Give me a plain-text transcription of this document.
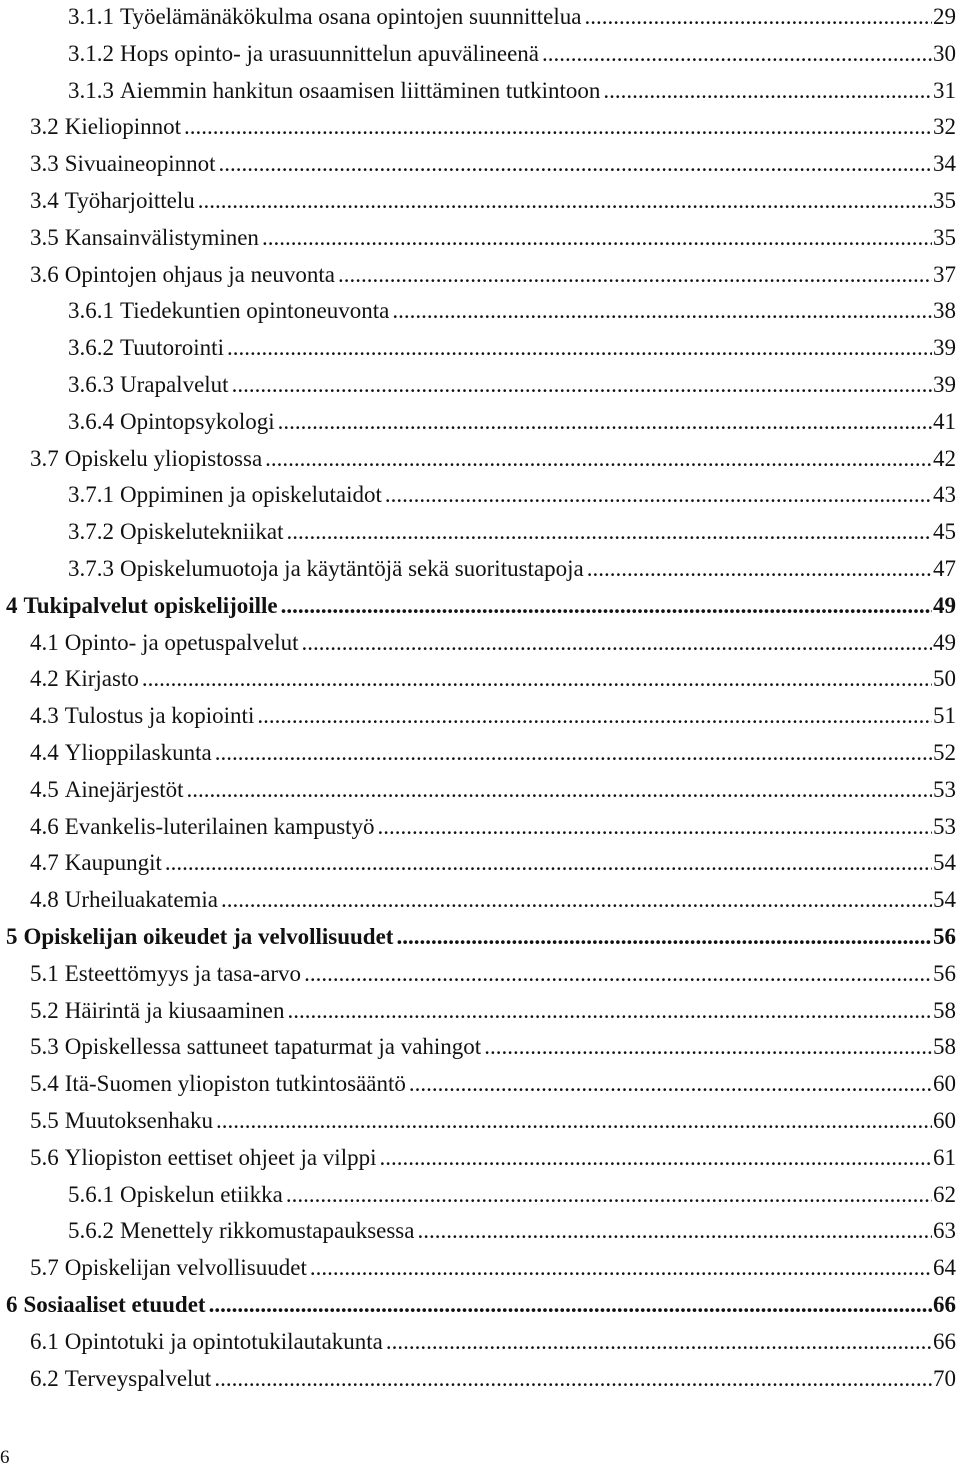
3.1.1 Työelämänäkökulma osana opintojen suunnittelua .....	29
3.1.2 Hops opinto- ja urasuunnittelun apuvälineenä .....	30
3.1.3 Aiemmin hankitun osaamisen liittäminen tutkintoon .....	31
3.2 Kieliopinnot .....	32
3.3 Sivuaineopinnot .....	34
3.4 Työharjoittelu .....	35
3.5 Kansainvälistyminen .....	35
3.6 Opintojen ohjaus ja neuvonta .....	37
3.6.1 Tiedekuntien opintoneuvonta .....	38
3.6.2 Tuutorointi .....	39
3.6.3 Urapalvelut .....	39
3.6.4 Opintopsykologi .....	41
3.7 Opiskelu yliopistossa .....	42
3.7.1 Oppiminen ja opiskelutaidot .....	43
3.7.2 Opiskelutekniikat .....	45
3.7.3 Opiskelumuotoja ja käytäntöjä sekä suoritustapoja .....	47
4 Tukipalvelut opiskelijoille .....	49
4.1 Opinto- ja opetuspalvelut .....	49
4.2 Kirjasto .....	50
4.3 Tulostus ja kopiointi .....	51
4.4 Ylioppilaskunta .....	52
4.5 Ainejärjestöt .....	53
4.6 Evankelis-luterilainen kampustyö .....	53
4.7 Kaupungit .....	54
4.8 Urheiluakatemia .....	54
5 Opiskelijan oikeudet ja velvollisuudet .....	56
5.1 Esteettömyys ja tasa-arvo .....	56
5.2 Häirintä ja kiusaaminen .....	58
5.3 Opiskellessa sattuneet tapaturmat ja vahingot .....	58
5.4 Itä-Suomen yliopiston tutkintosääntö .....	60
5.5 Muutoksenhaku .....	60
5.6 Yliopiston eettiset ohjeet ja vilppi .....	61
5.6.1 Opiskelun etiikka .....	62
5.6.2 Menettely rikkomustapauksessa .....	63
5.7 Opiskelijan velvollisuudet .....	64
6 Sosiaaliset etuudet .....	66
6.1 Opintotuki ja opintotukilautakunta .....	66
6.2 Terveyspalvelut .....	70
6
